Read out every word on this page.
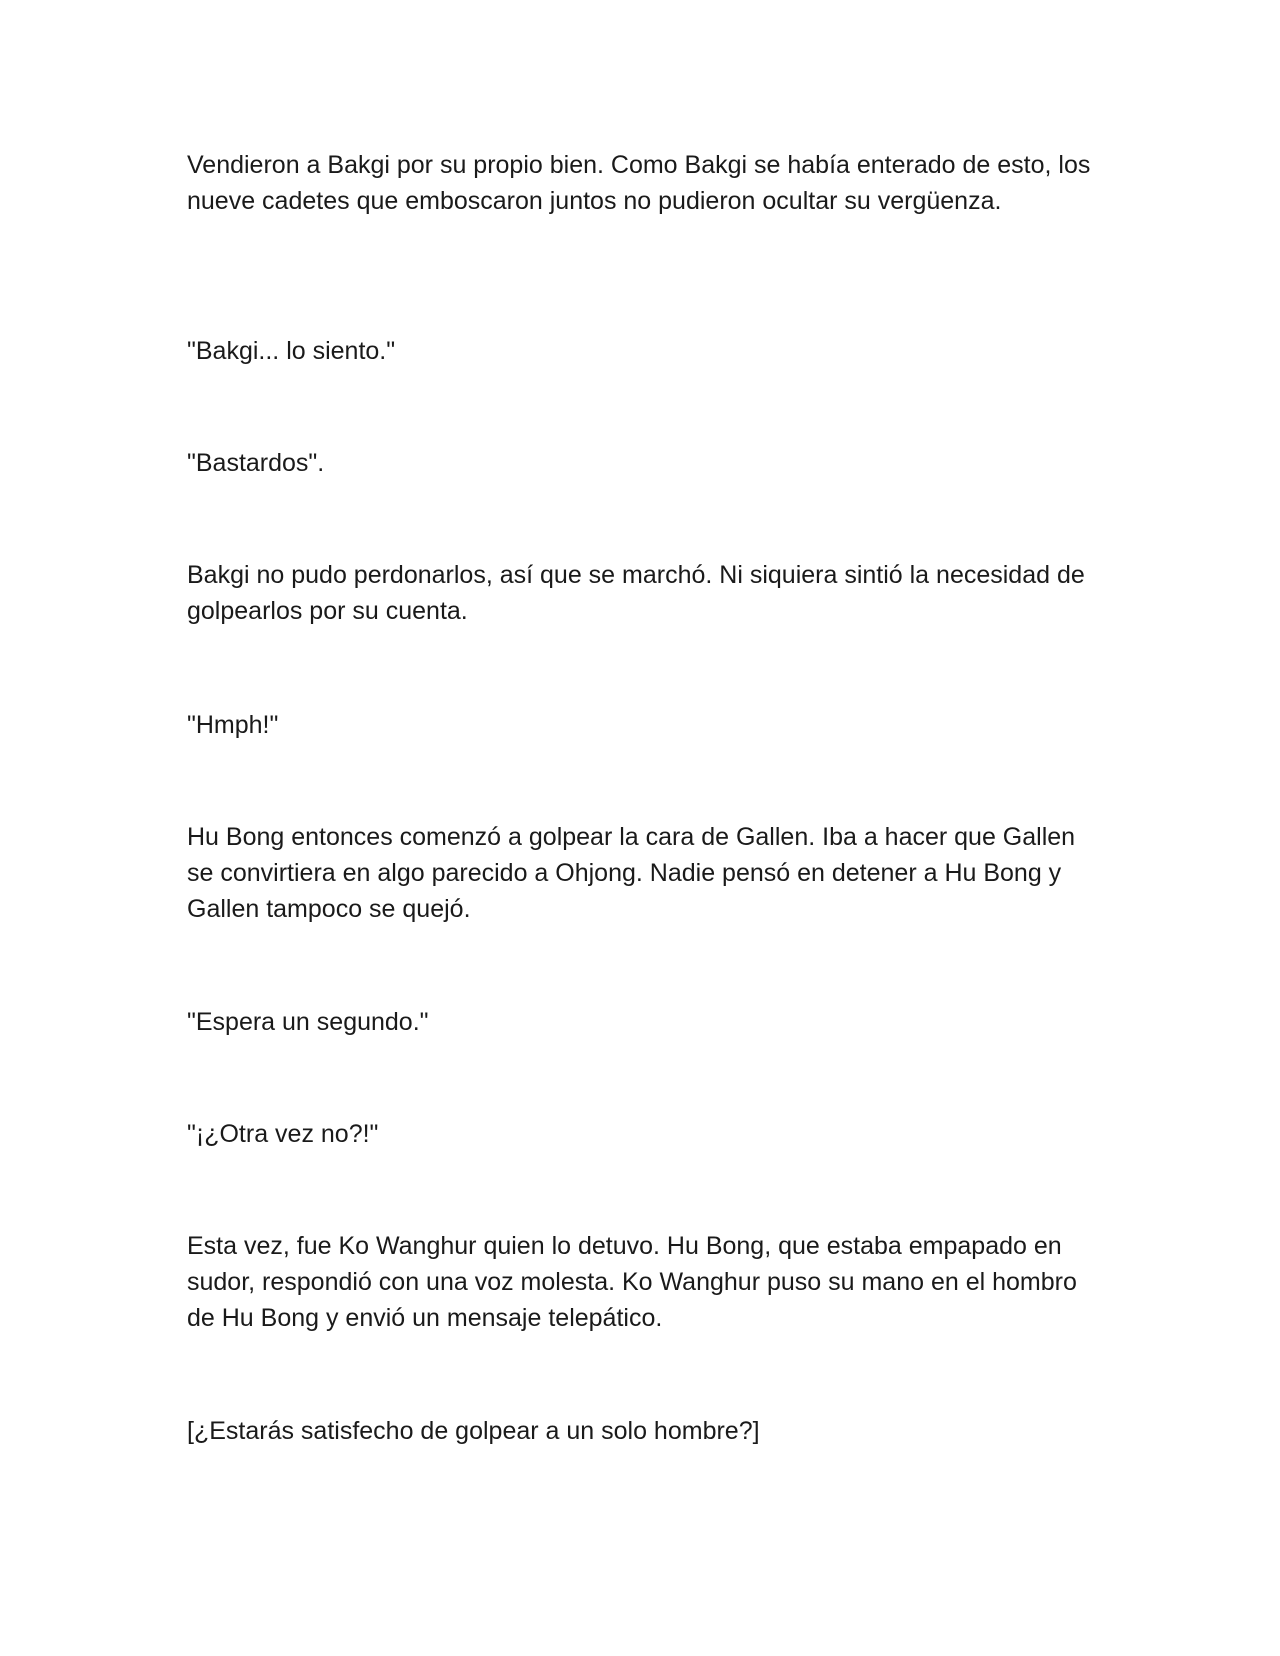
Vendieron a Bakgi por su propio bien. Como Bakgi se había enterado de esto, los nueve cadetes que emboscaron juntos no pudieron ocultar su vergüenza.

"Bakgi... lo siento."

"Bastardos".

Bakgi no pudo perdonarlos, así que se marchó. Ni siquiera sintió la necesidad de golpearlos por su cuenta.

"Hmph!"

Hu Bong entonces comenzó a golpear la cara de Gallen. Iba a hacer que Gallen se convirtiera en algo parecido a Ohjong. Nadie pensó en detener a Hu Bong y Gallen tampoco se quejó.

"Espera un segundo."

"¡¿Otra vez no?!"

Esta vez, fue Ko Wanghur quien lo detuvo. Hu Bong, que estaba empapado en sudor, respondió con una voz molesta. Ko Wanghur puso su mano en el hombro de Hu Bong y envió un mensaje telepático.

[¿Estarás satisfecho de golpear a un solo hombre?]
